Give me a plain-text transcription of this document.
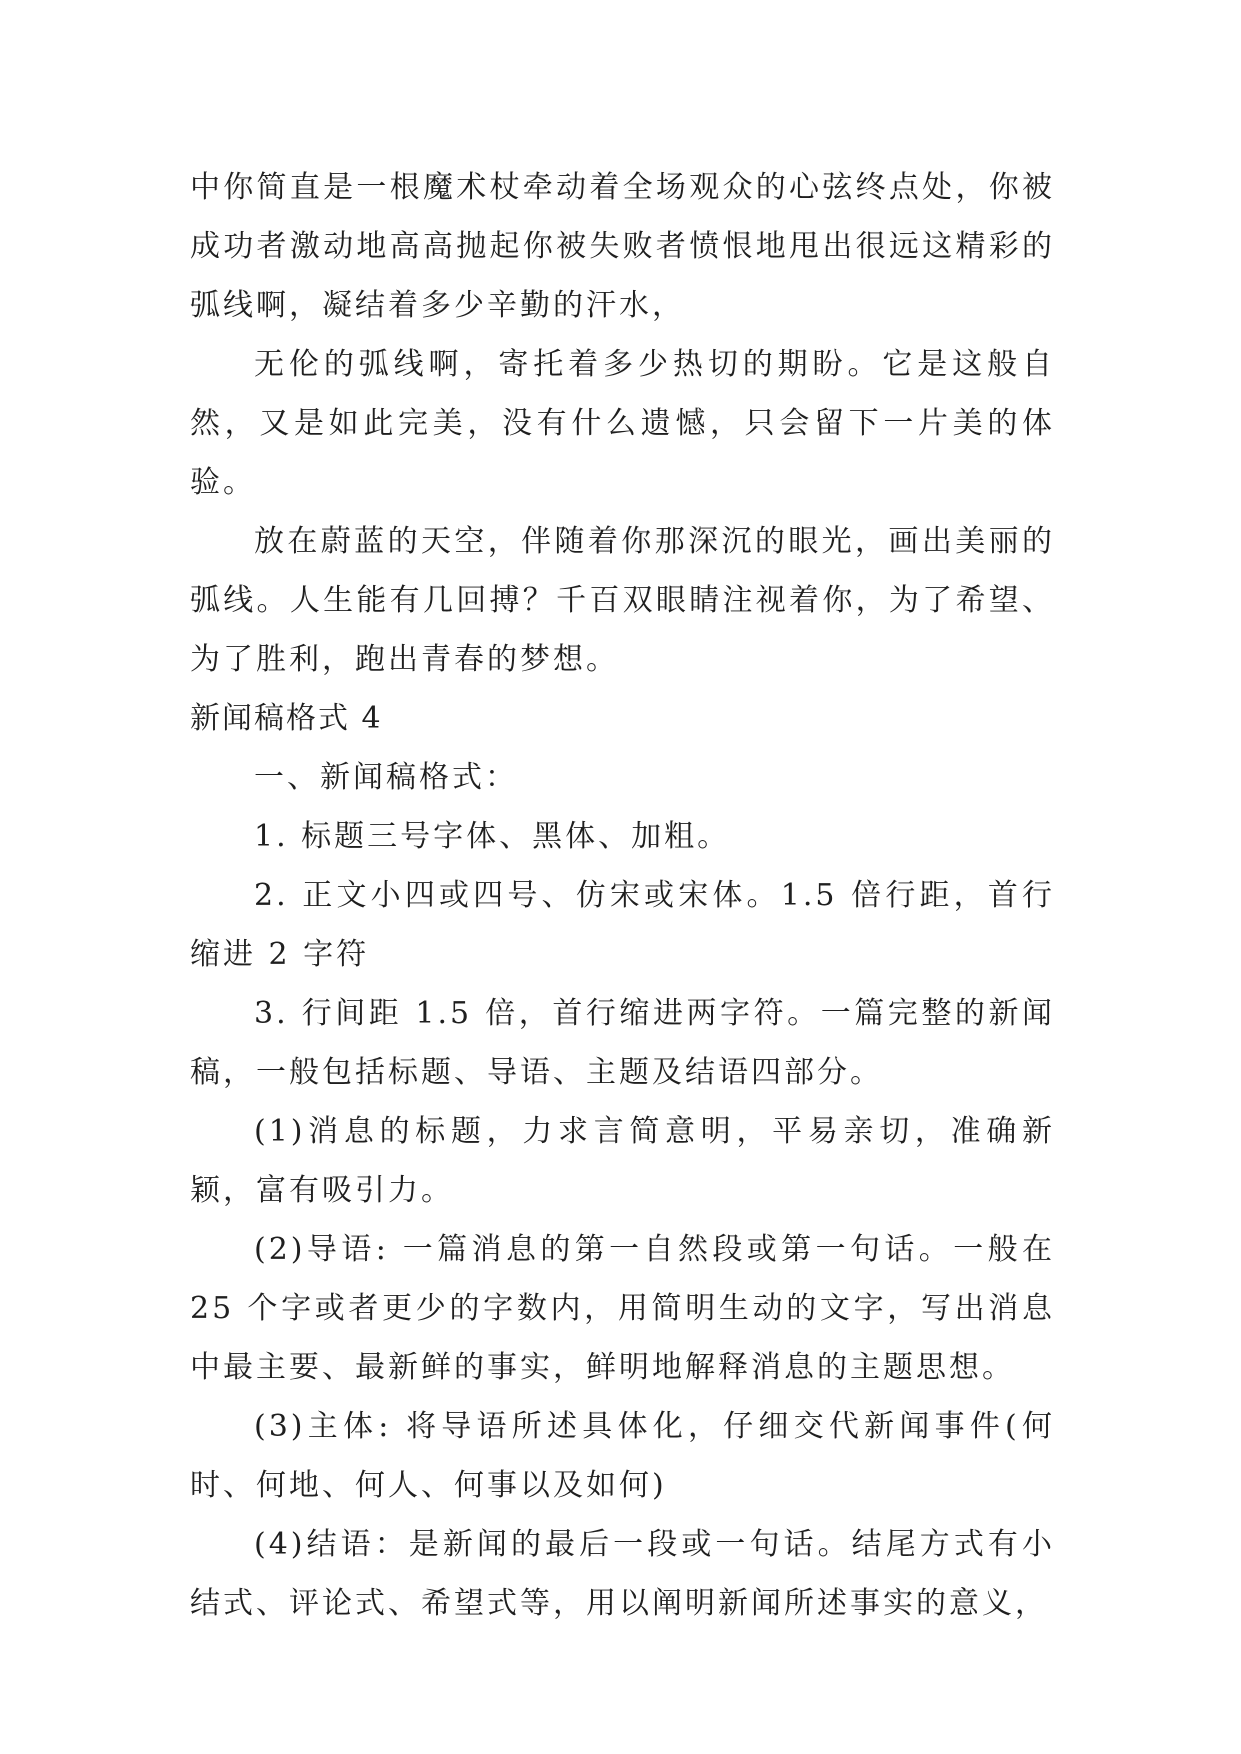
中你简直是一根魔术杖牵动着全场观众的心弦终点处，你被成功者激动地高高抛起你被失败者愤恨地甩出很远这精彩的弧线啊，凝结着多少辛勤的汗水，

无伦的弧线啊，寄托着多少热切的期盼。它是这般自然，又是如此完美，没有什么遗憾，只会留下一片美的体验。

放在蔚蓝的天空，伴随着你那深沉的眼光，画出美丽的弧线。人生能有几回搏？千百双眼睛注视着你，为了希望、为了胜利，跑出青春的梦想。

新闻稿格式 4

一、新闻稿格式：

1. 标题三号字体、黑体、加粗。

2. 正文小四或四号、仿宋或宋体。1.5 倍行距，首行缩进 2 字符

3. 行间距 1.5 倍，首行缩进两字符。一篇完整的新闻稿，一般包括标题、导语、主题及结语四部分。

(1)消息的标题，力求言简意明，平易亲切，准确新颖，富有吸引力。

(2)导语: 一篇消息的第一自然段或第一句话。一般在 25 个字或者更少的字数内，用简明生动的文字，写出消息中最主要、最新鲜的事实，鲜明地解释消息的主题思想。

(3)主体: 将导语所述具体化，仔细交代新闻事件(何时、何地、何人、何事以及如何)

(4)结语：是新闻的最后一段或一句话。结尾方式有小结式、评论式、希望式等，用以阐明新闻所述事实的意义，
